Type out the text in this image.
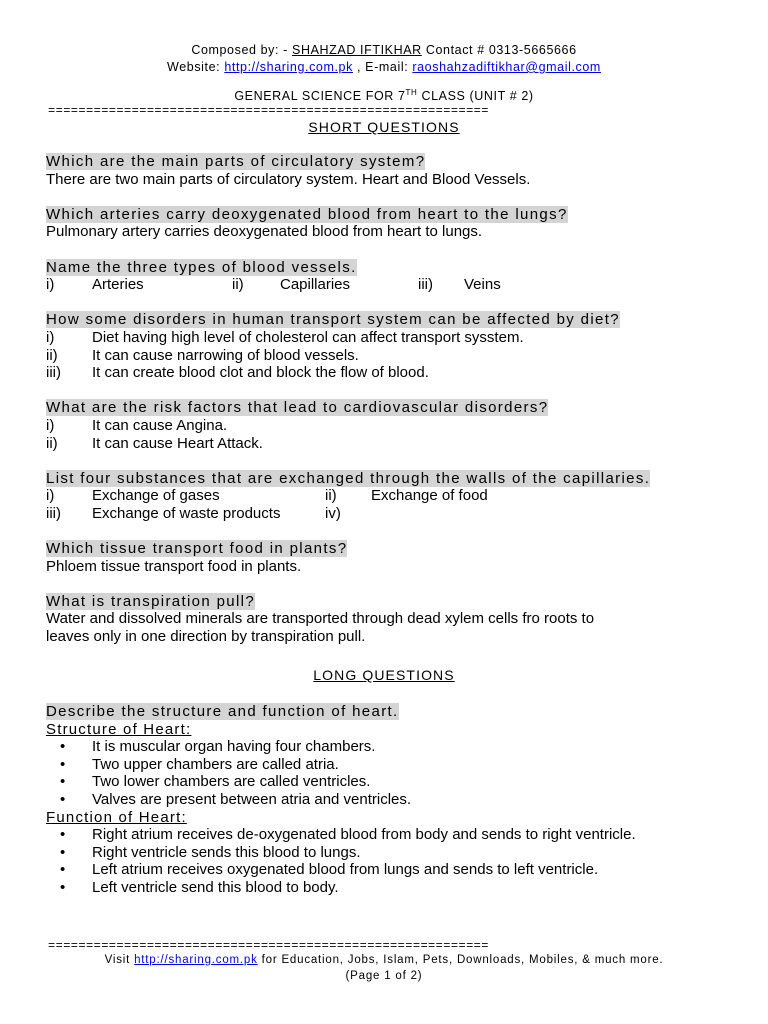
Composed by: - SHAHZAD IFTIKHAR Contact # 0313-5665666
Website: http://sharing.com.pk , E-mail: raoshahzadiftikhar@gmail.com
GENERAL SCIENCE FOR 7TH CLASS (UNIT # 2)
==========================================================
SHORT QUESTIONS

Which are the main parts of circulatory system?

There are two main parts of circulatory system. Heart and Blood Vessels.

Which arteries carry deoxygenated blood from heart to the lungs?

Pulmonary artery carries deoxygenated blood from heart to lungs.

Name the three types of blood vessels.

i)	Arteries	ii)	Capillaries	iii)	Veins

How some disorders in human transport system can be affected by diet?

i)	Diet having high level of cholesterol can affect transport sysstem.
ii)	It can cause narrowing of blood vessels.
iii)	It can create blood clot and block the flow of blood.

What are the risk factors that lead to cardiovascular disorders?

i)	It can cause Angina.
ii)	It can cause Heart Attack.

List four substances that are exchanged through the walls of the capillaries.

i)	Exchange of gases	ii)	Exchange of food
iii)	Exchange of waste products	iv)

Which tissue transport food in plants?

Phloem tissue transport food in plants.

What is transpiration pull?

Water and dissolved minerals are transported through dead xylem cells fro roots to

leaves only in one direction by transpiration pull.

LONG QUESTIONS

Describe the structure and function of heart.

Structure of Heart:

• It is muscular organ having four chambers.
• Two upper chambers are called atria.
• Two lower chambers are called ventricles.
• Valves are present between atria and ventricles.

Function of Heart:

• Right atrium receives de-oxygenated blood from body and sends to right ventricle.
• Right ventricle sends this blood to lungs.
• Left atrium receives oxygenated blood from lungs and sends to left ventricle.
• Left ventricle send this blood to body.
==========================================================
Visit http://sharing.com.pk for Education, Jobs, Islam, Pets, Downloads, Mobiles, & much more.
(Page 1 of 2)
